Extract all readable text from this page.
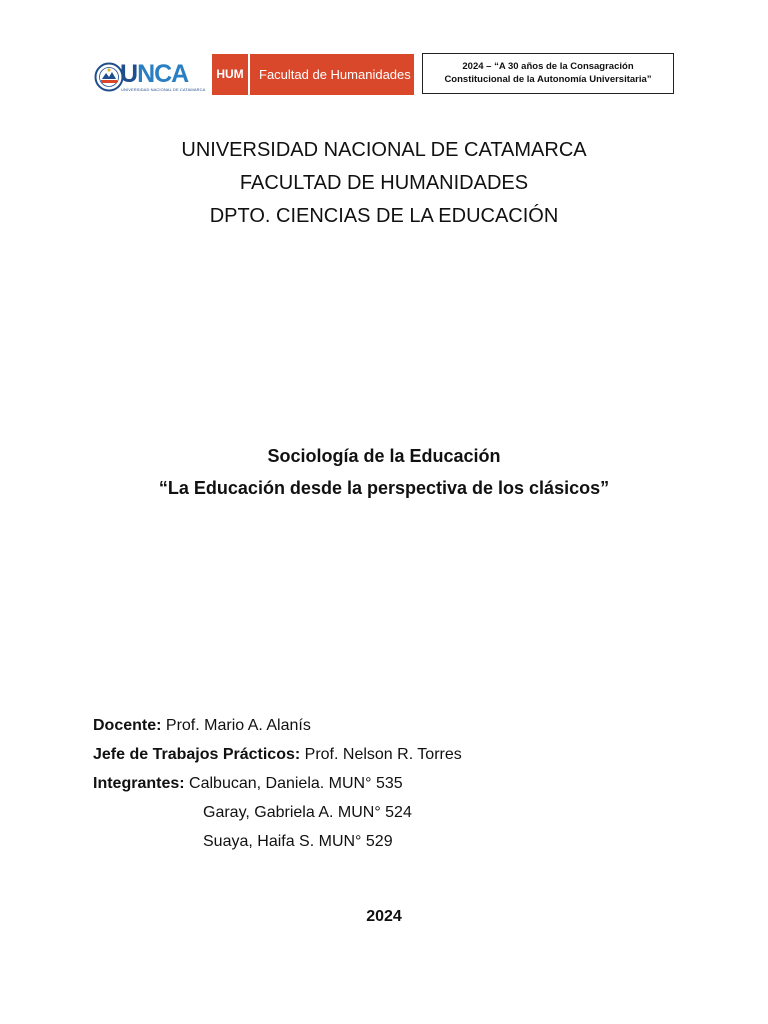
UNCA
UNIVERSIDAD NACIONAL DE CATAMARCA
HUM	Facultad de Humanidades
2024 – “A 30 años de la Consagración
Constitucional de la Autonomía Universitaria”
UNIVERSIDAD NACIONAL DE CATAMARCA
FACULTAD DE HUMANIDADES
DPTO. CIENCIAS DE LA EDUCACIÓN
Sociología de la Educación
“La Educación desde la perspectiva de los clásicos”
Docente: Prof. Mario A. Alanís
Jefe de Trabajos Prácticos: Prof. Nelson R. Torres
Integrantes: Calbucan, Daniela. MUN° 535
Garay, Gabriela A. MUN° 524
Suaya, Haifa S. MUN° 529
2024
